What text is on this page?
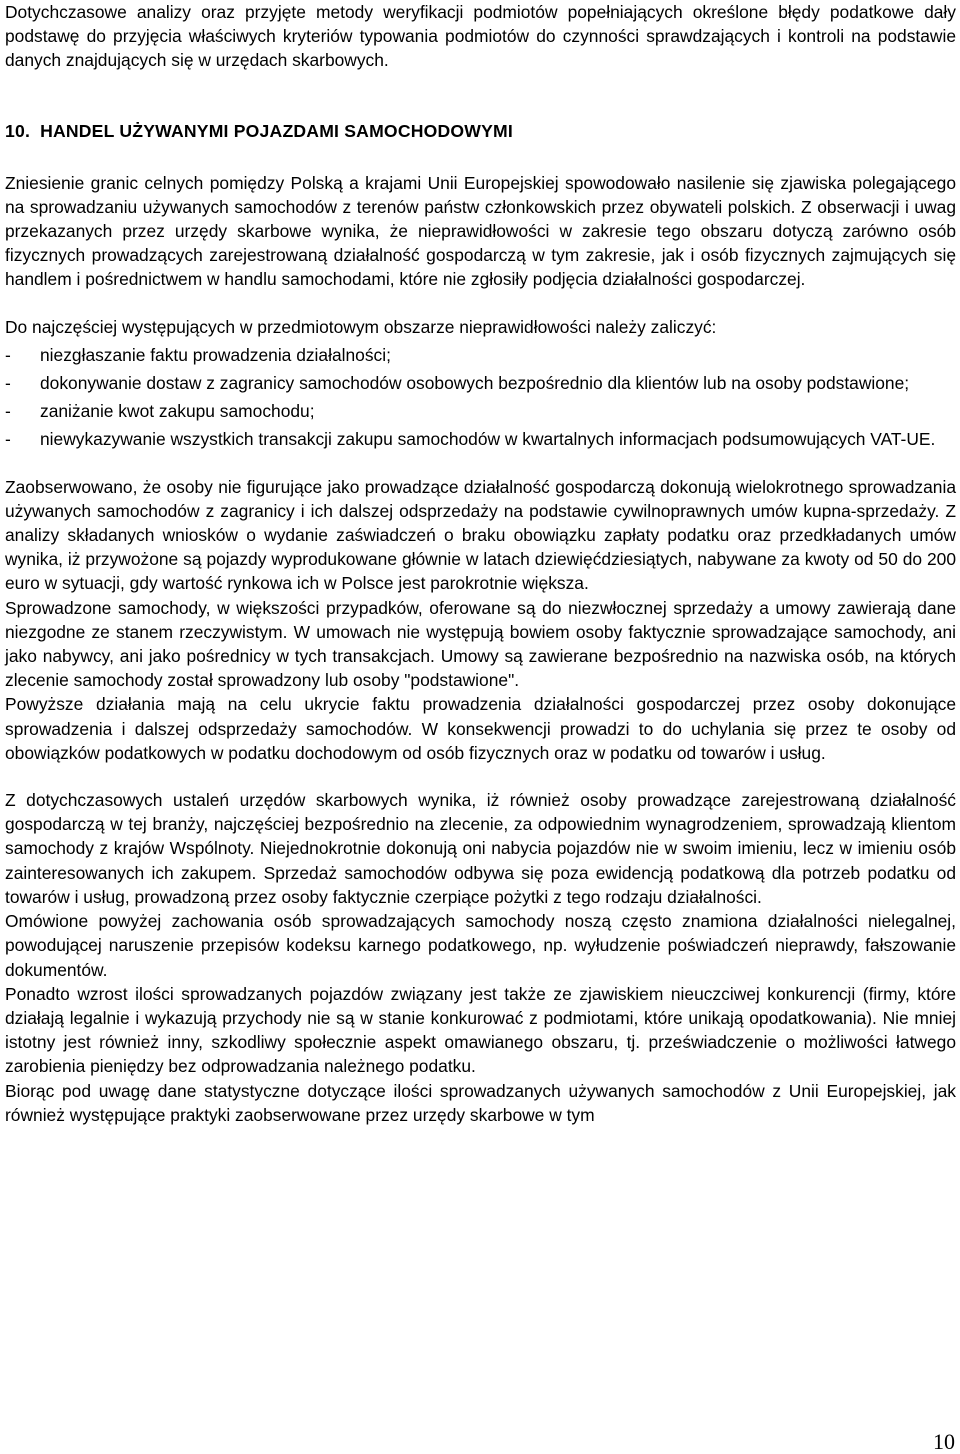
Dotychczasowe analizy oraz przyjęte metody weryfikacji podmiotów popełniających określone błędy podatkowe dały podstawę do przyjęcia właściwych kryteriów typowania podmiotów do czynności sprawdzających i kontroli na podstawie danych znajdujących się w urzędach skarbowych.

10. HANDEL UŻYWANYMI POJAZDAMI SAMOCHODOWYMI

Zniesienie granic celnych pomiędzy Polską a krajami Unii Europejskiej spowodowało nasilenie się zjawiska polegającego na sprowadzaniu używanych samochodów z terenów państw członkowskich przez obywateli polskich. Z obserwacji i uwag przekazanych przez urzędy skarbowe wynika, że nieprawidłowości w zakresie tego obszaru dotyczą zarówno osób fizycznych prowadzących zarejestrowaną działalność gospodarczą w tym zakresie, jak i osób fizycznych zajmujących się handlem i pośrednictwem w handlu samochodami, które nie zgłosiły podjęcia działalności gospodarczej.

Do najczęściej występujących w przedmiotowym obszarze nieprawidłowości należy zaliczyć:

-	niezgłaszanie faktu prowadzenia działalności;
-	dokonywanie dostaw z zagranicy samochodów osobowych bezpośrednio dla klientów lub na osoby podstawione;
-	zaniżanie kwot zakupu samochodu;
-	niewykazywanie wszystkich transakcji zakupu samochodów w kwartalnych informacjach podsumowujących VAT-UE.

Zaobserwowano, że osoby nie figurujące jako prowadzące działalność gospodarczą dokonują wielokrotnego sprowadzania używanych samochodów z zagranicy i ich dalszej odsprzedaży na podstawie cywilnoprawnych umów kupna-sprzedaży. Z analizy składanych wniosków o wydanie zaświadczeń o braku obowiązku zapłaty podatku oraz przedkładanych umów wynika, iż przywożone są pojazdy wyprodukowane głównie w latach dziewięćdziesiątych, nabywane za kwoty od 50 do 200 euro w sytuacji, gdy wartość rynkowa ich w Polsce jest parokrotnie większa.

Sprowadzone samochody, w większości przypadków, oferowane są do niezwłocznej sprzedaży a umowy zawierają dane niezgodne ze stanem rzeczywistym. W umowach nie występują bowiem osoby faktycznie sprowadzające samochody, ani jako nabywcy, ani jako pośrednicy w tych transakcjach. Umowy są zawierane bezpośrednio na nazwiska osób, na których zlecenie samochody został sprowadzony lub osoby "podstawione".

Powyższe działania mają na celu ukrycie faktu prowadzenia działalności gospodarczej przez osoby dokonujące sprowadzenia i dalszej odsprzedaży samochodów. W konsekwencji prowadzi to do uchylania się przez te osoby od obowiązków podatkowych w podatku dochodowym od osób fizycznych oraz w podatku od towarów i usług.

Z dotychczasowych ustaleń urzędów skarbowych wynika, iż również osoby prowadzące zarejestrowaną działalność gospodarczą w tej branży, najczęściej bezpośrednio na zlecenie, za odpowiednim wynagrodzeniem, sprowadzają klientom samochody z krajów Wspólnoty. Niejednokrotnie dokonują oni nabycia pojazdów nie w swoim imieniu, lecz w imieniu osób zainteresowanych ich zakupem. Sprzedaż samochodów odbywa się poza ewidencją podatkową dla potrzeb podatku od towarów i usług, prowadzoną przez osoby faktycznie czerpiące pożytki z tego rodzaju działalności.

Omówione powyżej zachowania osób sprowadzających samochody noszą często znamiona działalności nielegalnej, powodującej naruszenie przepisów kodeksu karnego podatkowego, np. wyłudzenie poświadczeń nieprawdy, fałszowanie dokumentów.

Ponadto wzrost ilości sprowadzanych pojazdów związany jest także ze zjawiskiem nieuczciwej konkurencji (firmy, które działają legalnie i wykazują przychody nie są w stanie konkurować z podmiotami, które unikają opodatkowania). Nie mniej istotny jest również inny, szkodliwy społecznie aspekt omawianego obszaru, tj. przeświadczenie o możliwości łatwego zarobienia pieniędzy bez odprowadzania należnego podatku.

Biorąc pod uwagę dane statystyczne dotyczące ilości sprowadzanych używanych samochodów z Unii Europejskiej, jak również występujące praktyki zaobserwowane przez urzędy skarbowe w tym

10
